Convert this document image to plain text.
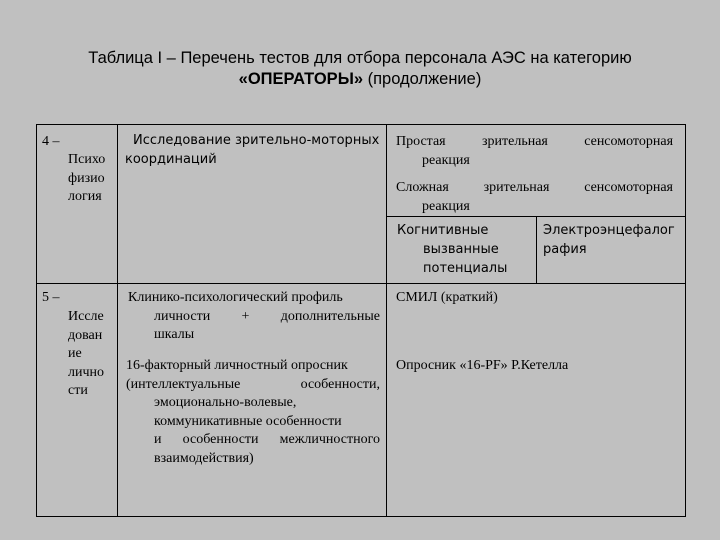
Таблица I – Перечень тестов для отбора персонала АЭС на категорию
«ОПЕРАТОРЫ» (продолжение)
4 –
Психо
физио
логия
Исследование зрительно-моторных
координаций
Простая	зрительная	сенсомоторная
реакция
Сложная зрительная сенсомоторная
реакция
Когнитивные
вызванные
потенциалы
Электроэнцефалог
рафия
5 –
Иссле
дован
ие
лично
сти
Клинико-психологический профиль
личности + дополнительные
шкалы
СМИЛ (краткий)
16-факторный личностный опросник
(интеллектуальные особенности,
эмоционально-волевые,
коммуникативные особенности
и особенности межличностного
взаимодействия)
Опросник «16-PF» Р.Кетелла
